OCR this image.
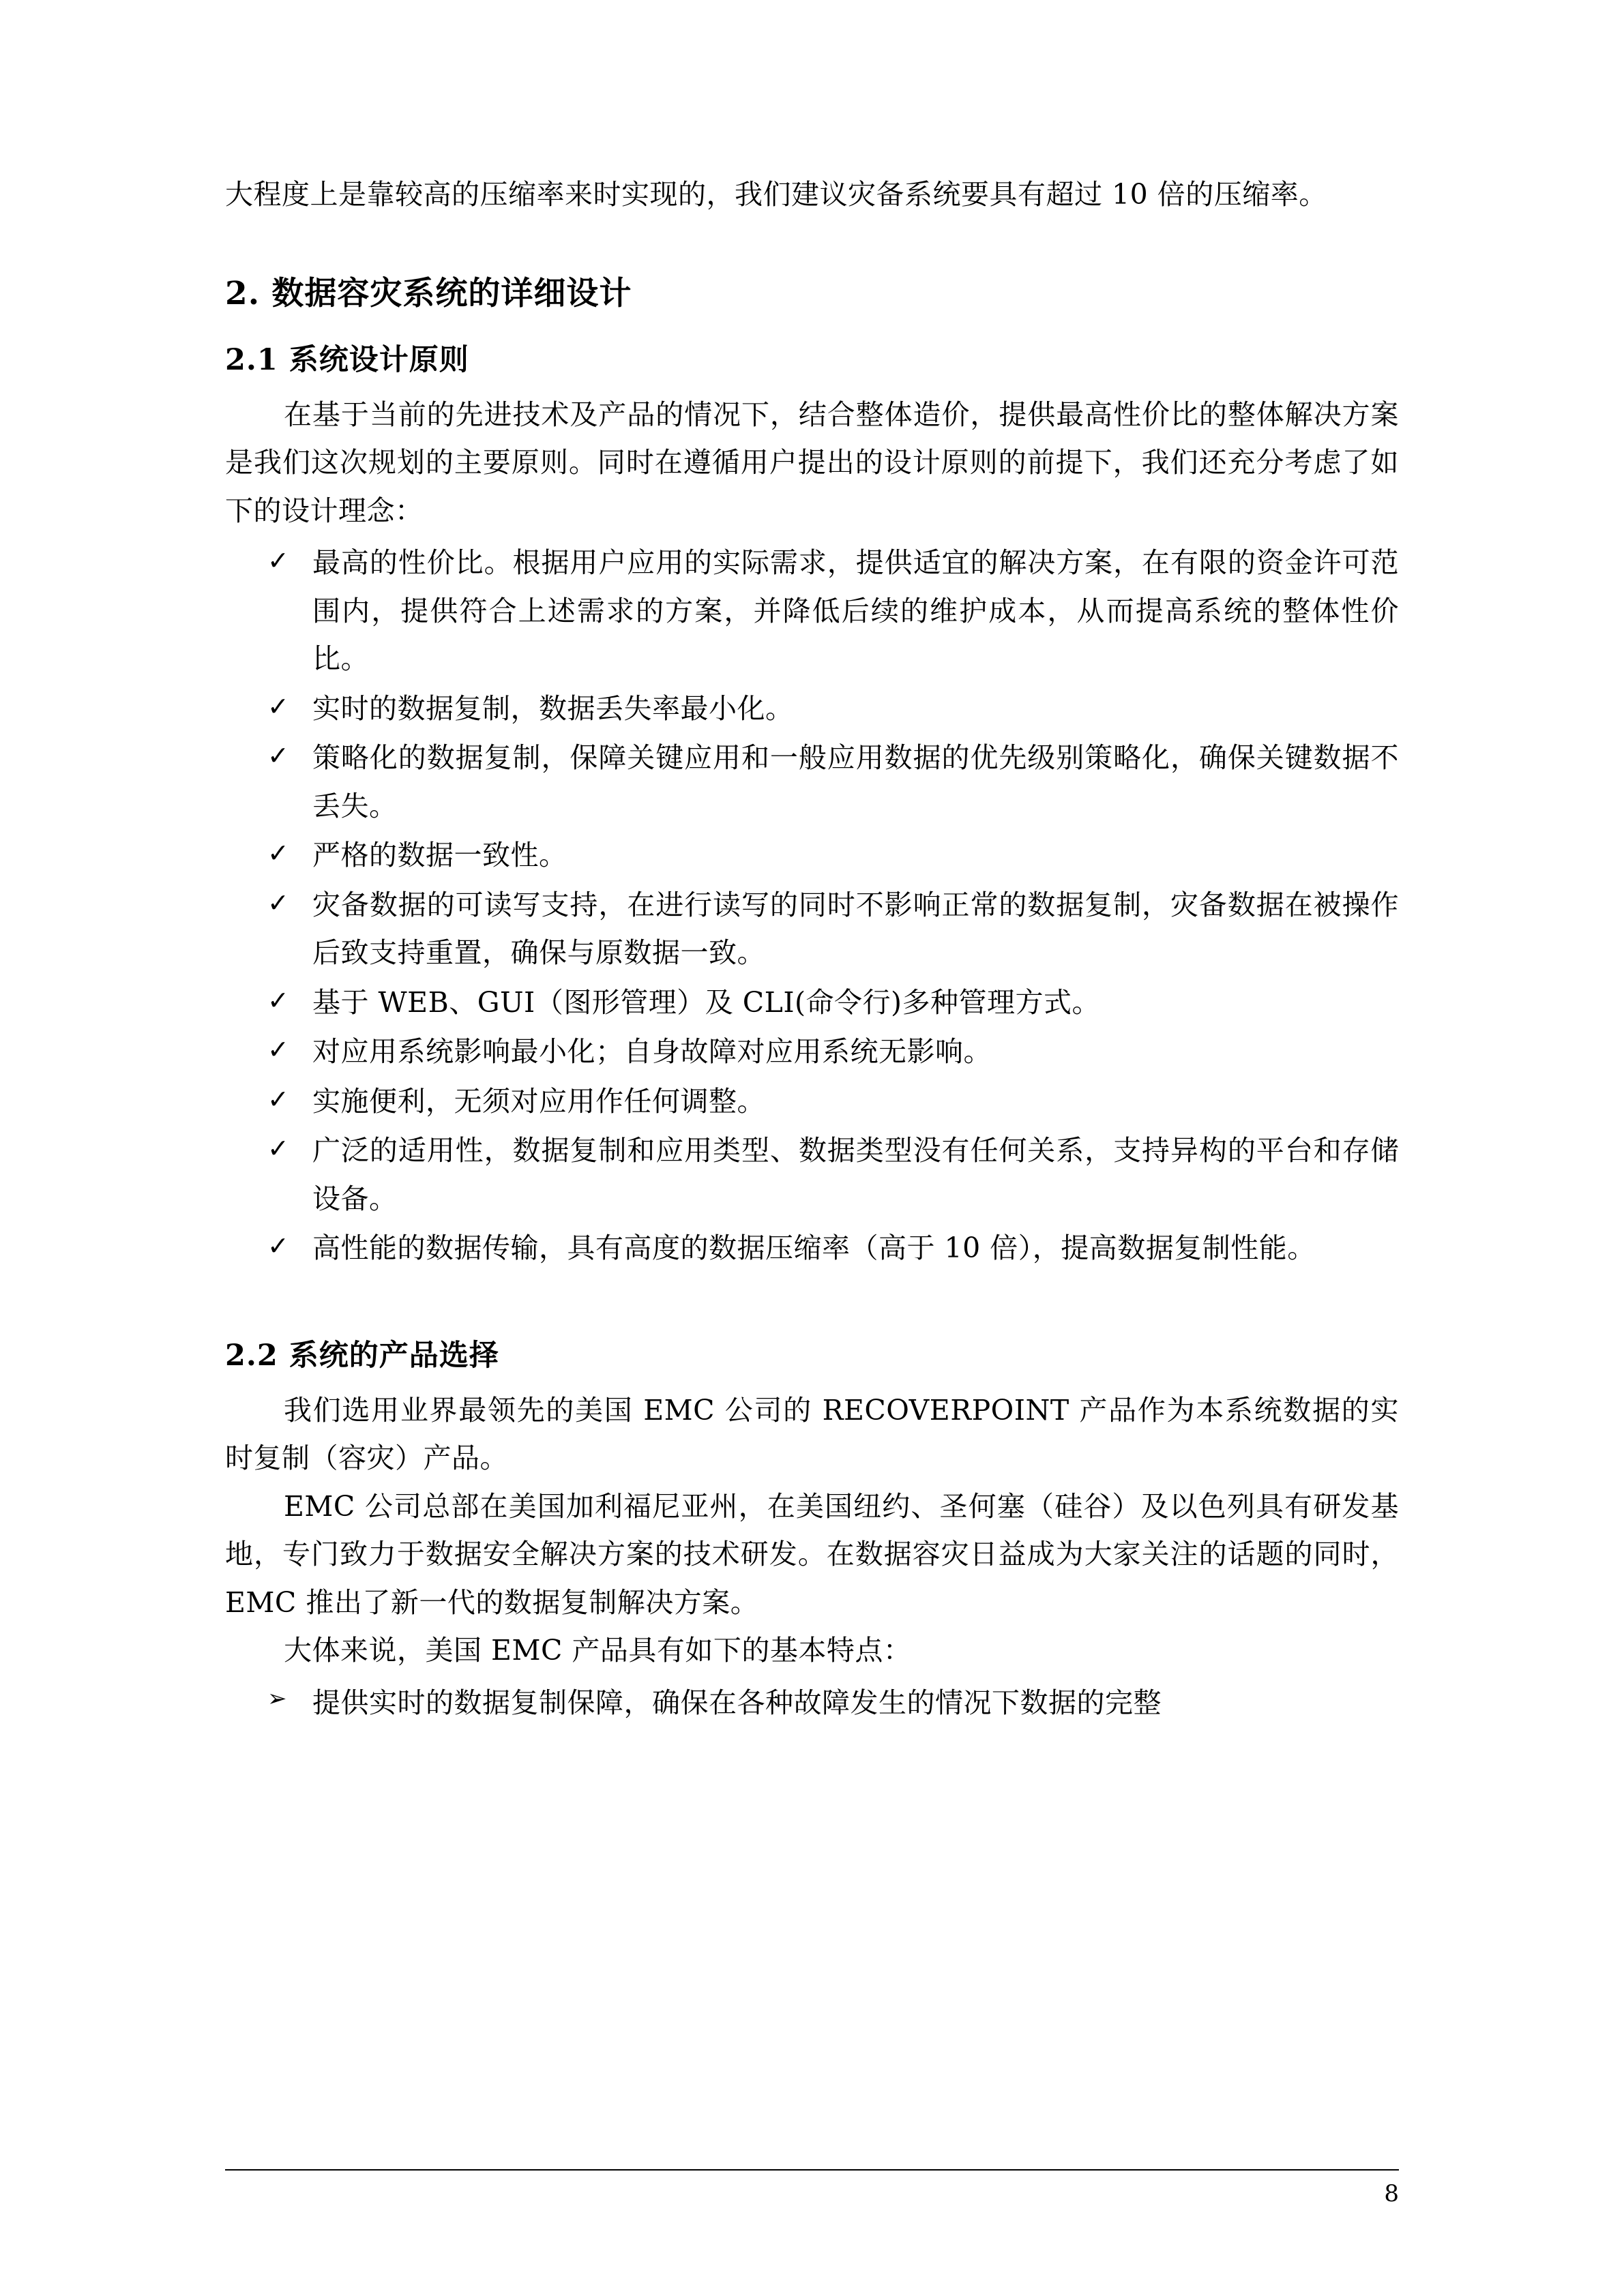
大程度上是靠较高的压缩率来时实现的，我们建议灾备系统要具有超过 10 倍的压缩率。

2. 数据容灾系统的详细设计
2.1 系统设计原则

在基于当前的先进技术及产品的情况下，结合整体造价，提供最高性价比的整体解决方案是我们这次规划的主要原则。同时在遵循用户提出的设计原则的前提下，我们还充分考虑了如下的设计理念：

✓ 最高的性价比。根据用户应用的实际需求，提供适宜的解决方案，在有限的资金许可范围内，提供符合上述需求的方案，并降低后续的维护成本，从而提高系统的整体性价比。
✓ 实时的数据复制，数据丢失率最小化。
✓ 策略化的数据复制，保障关键应用和一般应用数据的优先级别策略化，确保关键数据不丢失。
✓ 严格的数据一致性。
✓ 灾备数据的可读写支持，在进行读写的同时不影响正常的数据复制，灾备数据在被操作后致支持重置，确保与原数据一致。
✓ 基于 WEB、GUI（图形管理）及 CLI(命令行)多种管理方式。
✓ 对应用系统影响最小化；自身故障对应用系统无影响。
✓ 实施便利，无须对应用作任何调整。
✓ 广泛的适用性，数据复制和应用类型、数据类型没有任何关系，支持异构的平台和存储设备。
✓ 高性能的数据传输，具有高度的数据压缩率（高于 10 倍），提高数据复制性能。
2.2 系统的产品选择

我们选用业界最领先的美国 EMC 公司的 RECOVERPOINT 产品作为本系统数据的实时复制（容灾）产品。

EMC 公司总部在美国加利福尼亚州，在美国纽约、圣何塞（硅谷）及以色列具有研发基地，专门致力于数据安全解决方案的技术研发。在数据容灾日益成为大家关注的话题的同时，EMC 推出了新一代的数据复制解决方案。

大体来说，美国 EMC 产品具有如下的基本特点：

➢ 提供实时的数据复制保障，确保在各种故障发生的情况下数据的完整
8
